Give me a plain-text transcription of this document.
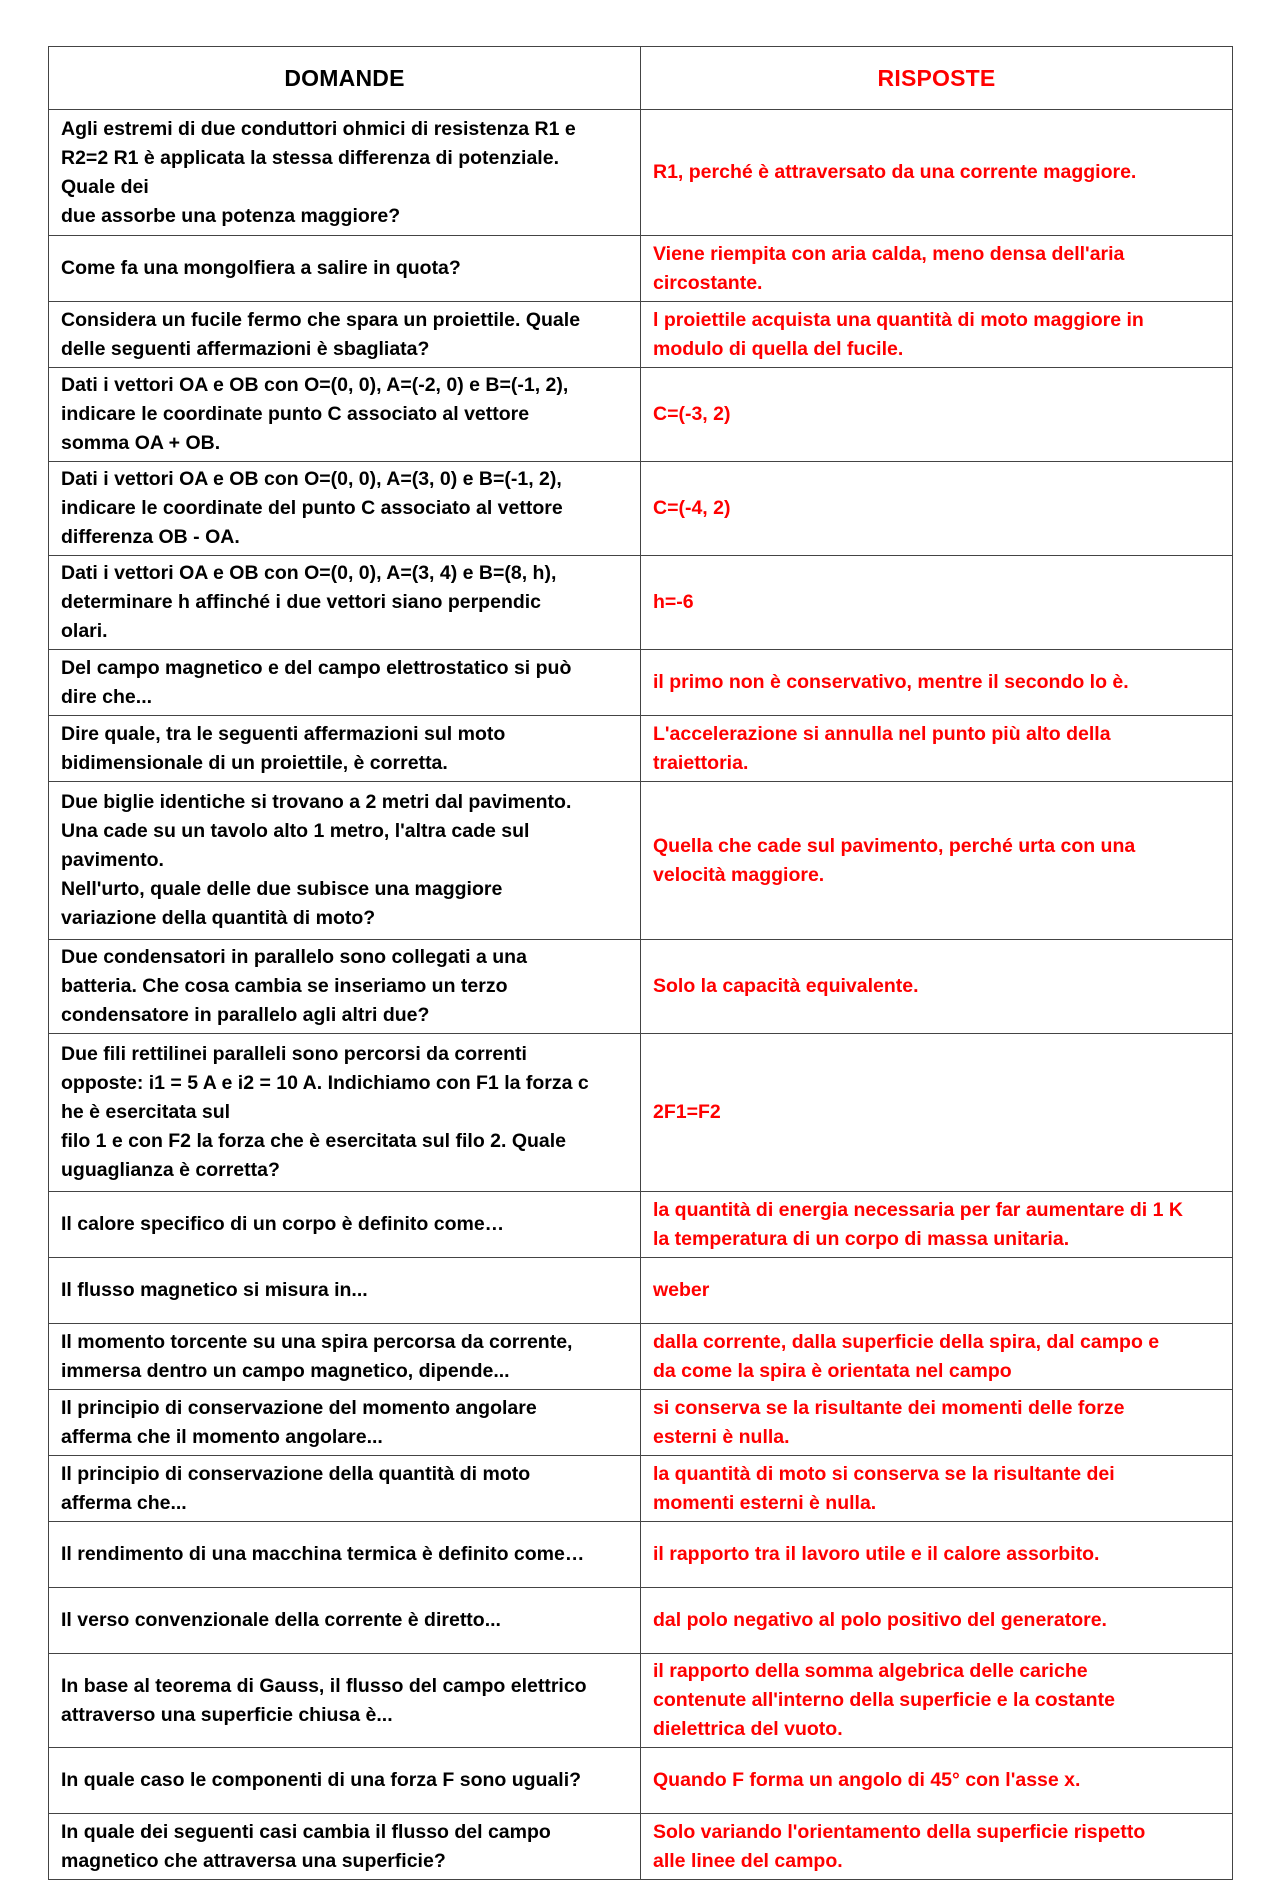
DOMANDE	RISPOSTE

Agli estremi di due conduttori ohmici di resistenza R1 e
R2=2 R1 è applicata la stessa differenza di potenziale.
Quale dei
due assorbe una potenza maggiore?	R1, perché è attraversato da una corrente maggiore.

Come fa una mongolfiera a salire in quota?	Viene riempita con aria calda, meno densa dell'aria
circostante.

Considera un fucile fermo che spara un proiettile. Quale
delle seguenti affermazioni è sbagliata?	l proiettile acquista una quantità di moto maggiore in
modulo di quella del fucile.

Dati i vettori OA e OB con O=(0, 0), A=(-2, 0) e B=(-1, 2),
indicare le coordinate punto C associato al vettore
somma OA + OB.	C=(-3, 2)

Dati i vettori OA e OB con O=(0, 0), A=(3, 0) e B=(-1, 2),
indicare le coordinate del punto C associato al vettore
differenza OB - OA.	C=(-4, 2)

Dati i vettori OA e OB con O=(0, 0), A=(3, 4) e B=(8, h),
determinare h affinché i due vettori siano perpendic
olari.	h=-6

Del campo magnetico e del campo elettrostatico si può
dire che...	il primo non è conservativo, mentre il secondo lo è.

Dire quale, tra le seguenti affermazioni sul moto
bidimensionale di un proiettile, è corretta.	L'accelerazione si annulla nel punto più alto della
traiettoria.

Due biglie identiche si trovano a 2 metri dal pavimento.
Una cade su un tavolo alto 1 metro, l'altra cade sul
pavimento.
Nell'urto, quale delle due subisce una maggiore
variazione della quantità di moto?	Quella che cade sul pavimento, perché urta con una
velocità maggiore.

Due condensatori in parallelo sono collegati a una
batteria. Che cosa cambia se inseriamo un terzo
condensatore in parallelo agli altri due?	Solo la capacità equivalente.

Due fili rettilinei paralleli sono percorsi da correnti
opposte: i1 = 5 A e i2 = 10 A. Indichiamo con F1 la forza c
he è esercitata sul
filo 1 e con F2 la forza che è esercitata sul filo 2. Quale
uguaglianza è corretta?	2F1=F2

Il calore specifico di un corpo è definito come…	la quantità di energia necessaria per far aumentare di 1 K
la temperatura di un corpo di massa unitaria.

Il flusso magnetico si misura in...	weber

Il momento torcente su una spira percorsa da corrente,
immersa dentro un campo magnetico, dipende...	dalla corrente, dalla superficie della spira, dal campo e
da come la spira è orientata nel campo

Il principio di conservazione del momento angolare
afferma che il momento angolare...	si conserva se la risultante dei momenti delle forze
esterni è nulla.

Il principio di conservazione della quantità di moto
afferma che...	la quantità di moto si conserva se la risultante dei
momenti esterni è nulla.

Il rendimento di una macchina termica è definito come…	il rapporto tra il lavoro utile e il calore assorbito.

Il verso convenzionale della corrente è diretto...	dal polo negativo al polo positivo del generatore.

In base al teorema di Gauss, il flusso del campo elettrico
attraverso una superficie chiusa è...	il rapporto della somma algebrica delle cariche
contenute all'interno della superficie e la costante
dielettrica del vuoto.

In quale caso le componenti di una forza F sono uguali?	Quando F forma un angolo di 45° con l'asse x.

In quale dei seguenti casi cambia il flusso del campo
magnetico che attraversa una superficie?	Solo variando l'orientamento della superficie rispetto
alle linee del campo.
